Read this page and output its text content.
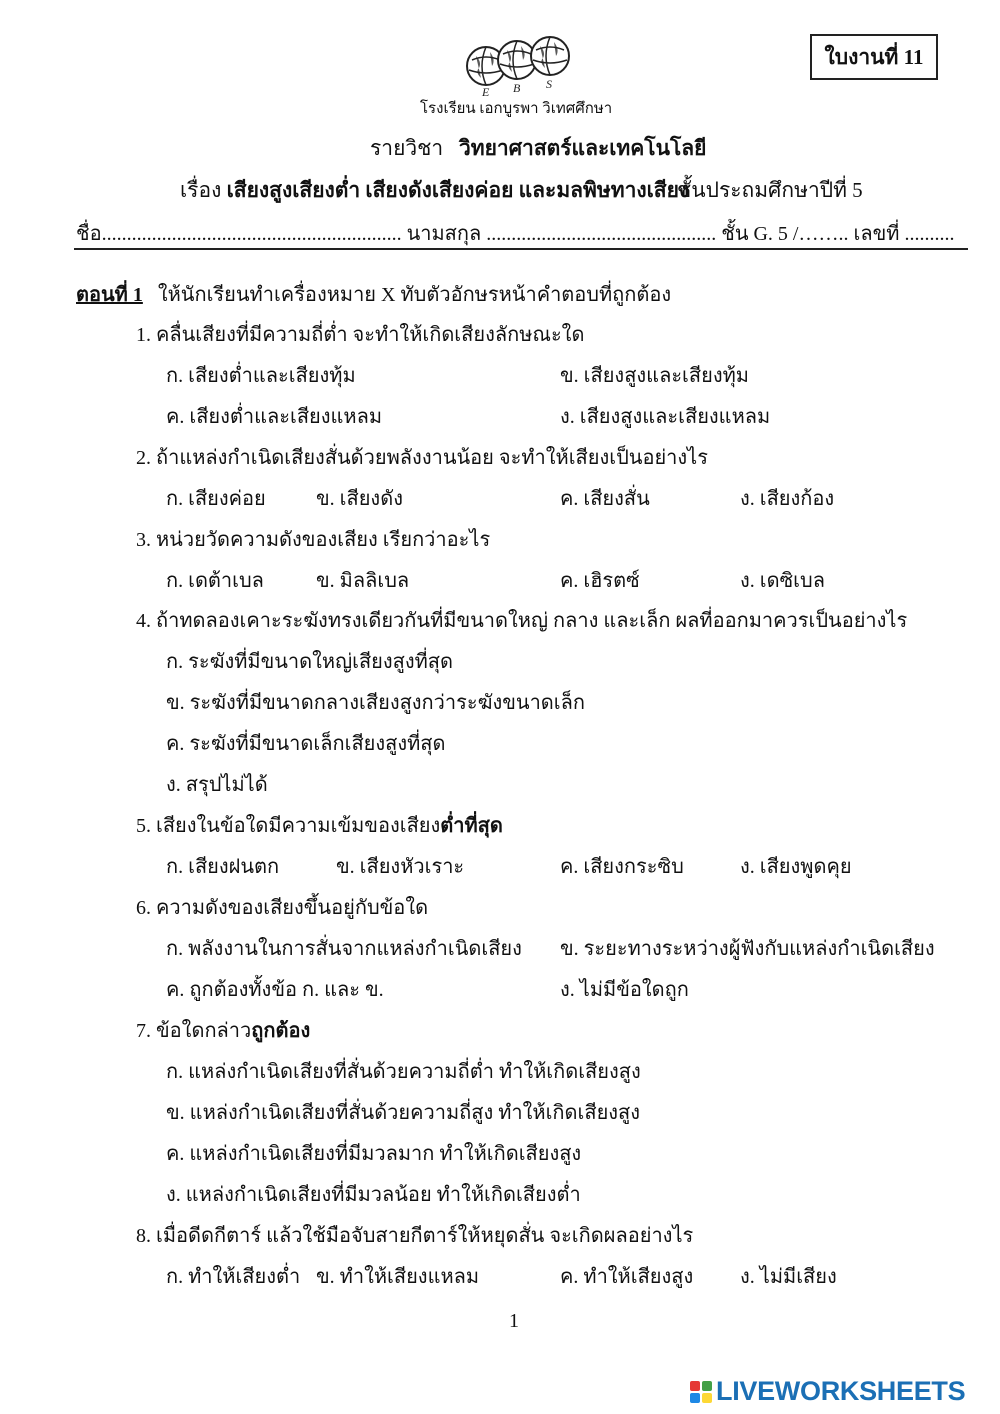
ใบงานที่ 11
E B S
โรงเรียน เอกบูรพา วิเทศศึกษา
รายวิชา วิทยาศาสตร์และเทคโนโลยี
เรื่อง เสียงสูงเสียงต่ำ เสียงดังเสียงค่อย และมลพิษทางเสียง
ชั้นประถมศึกษาปีที่ 5
ชื่อ............................................................ นามสกุล .............................................. ชั้น G. 5 /…….. เลขที่ ..........
ตอนที่ 1 ให้นักเรียนทำเครื่องหมาย X ทับตัวอักษรหน้าคำตอบที่ถูกต้อง
1. คลื่นเสียงที่มีความถี่ต่ำ จะทำให้เกิดเสียงลักษณะใด
ก. เสียงต่ำและเสียงทุ้ม	ข. เสียงสูงและเสียงทุ้ม
ค. เสียงต่ำและเสียงแหลม	ง. เสียงสูงและเสียงแหลม
2. ถ้าแหล่งกำเนิดเสียงสั่นด้วยพลังงานน้อย จะทำให้เสียงเป็นอย่างไร
ก. เสียงค่อย	ข. เสียงดัง	ค. เสียงสั่น	ง. เสียงก้อง
3. หน่วยวัดความดังของเสียง เรียกว่าอะไร
ก. เดต้าเบล	ข. มิลลิเบล	ค. เฮิรตซ์	ง. เดซิเบล
4. ถ้าทดลองเคาะระฆังทรงเดียวกันที่มีขนาดใหญ่ กลาง และเล็ก ผลที่ออกมาควรเป็นอย่างไร
ก. ระฆังที่มีขนาดใหญ่เสียงสูงที่สุด
ข. ระฆังที่มีขนาดกลางเสียงสูงกว่าระฆังขนาดเล็ก
ค. ระฆังที่มีขนาดเล็กเสียงสูงที่สุด
ง. สรุปไม่ได้
5. เสียงในข้อใดมีความเข้มของเสียงต่ำที่สุด
ก. เสียงฝนตก	ข. เสียงหัวเราะ	ค. เสียงกระซิบ	ง. เสียงพูดคุย
6. ความดังของเสียงขึ้นอยู่กับข้อใด
ก. พลังงานในการสั่นจากแหล่งกำเนิดเสียง ข. ระยะทางระหว่างผู้ฟังกับแหล่งกำเนิดเสียง
ค. ถูกต้องทั้งข้อ ก. และ ข.	ง. ไม่มีข้อใดถูก
7. ข้อใดกล่าวถูกต้อง
ก. แหล่งกำเนิดเสียงที่สั่นด้วยความถี่ต่ำ ทำให้เกิดเสียงสูง
ข. แหล่งกำเนิดเสียงที่สั่นด้วยความถี่สูง ทำให้เกิดเสียงสูง
ค. แหล่งกำเนิดเสียงที่มีมวลมาก ทำให้เกิดเสียงสูง
ง. แหล่งกำเนิดเสียงที่มีมวลน้อย ทำให้เกิดเสียงต่ำ
8. เมื่อดีดกีตาร์ แล้วใช้มือจับสายกีตาร์ให้หยุดสั่น จะเกิดผลอย่างไร
ก. ทำให้เสียงต่ำ ข. ทำให้เสียงแหลม	ค. ทำให้เสียงสูง ง. ไม่มีเสียง
1
LIVEWORKSHEETS
